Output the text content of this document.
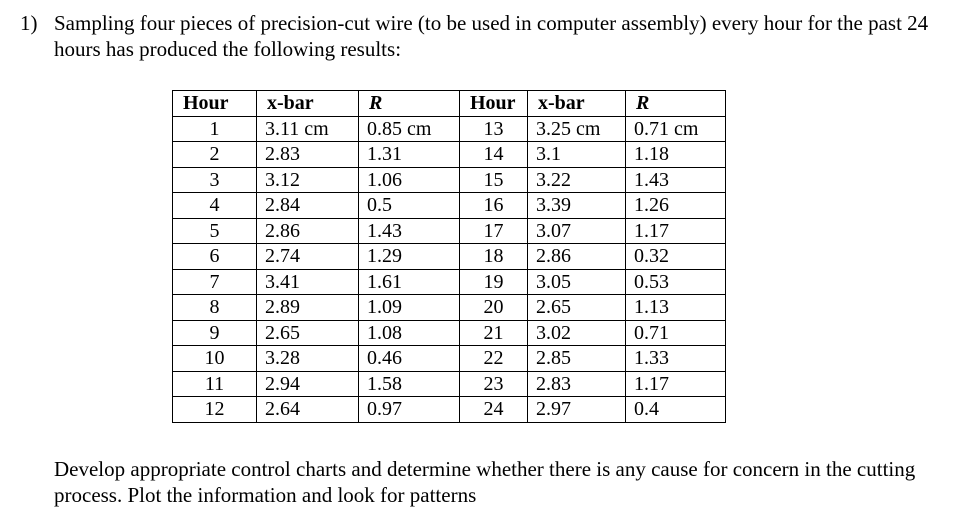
1) Sampling four pieces of precision-cut wire (to be used in computer assembly) every hour for the past 24 hours has produced the following results:
Hour	x-bar	R	Hour	x-bar	R
1	3.11 cm	0.85 cm	13	3.25 cm	0.71 cm
2	2.83	1.31	14	3.1	1.18
3	3.12	1.06	15	3.22	1.43
4	2.84	0.5	16	3.39	1.26
5	2.86	1.43	17	3.07	1.17
6	2.74	1.29	18	2.86	0.32
7	3.41	1.61	19	3.05	0.53
8	2.89	1.09	20	2.65	1.13
9	2.65	1.08	21	3.02	0.71
10	3.28	0.46	22	2.85	1.33
11	2.94	1.58	23	2.83	1.17
12	2.64	0.97	24	2.97	0.4
Develop appropriate control charts and determine whether there is any cause for concern in the cutting process. Plot the information and look for patterns
